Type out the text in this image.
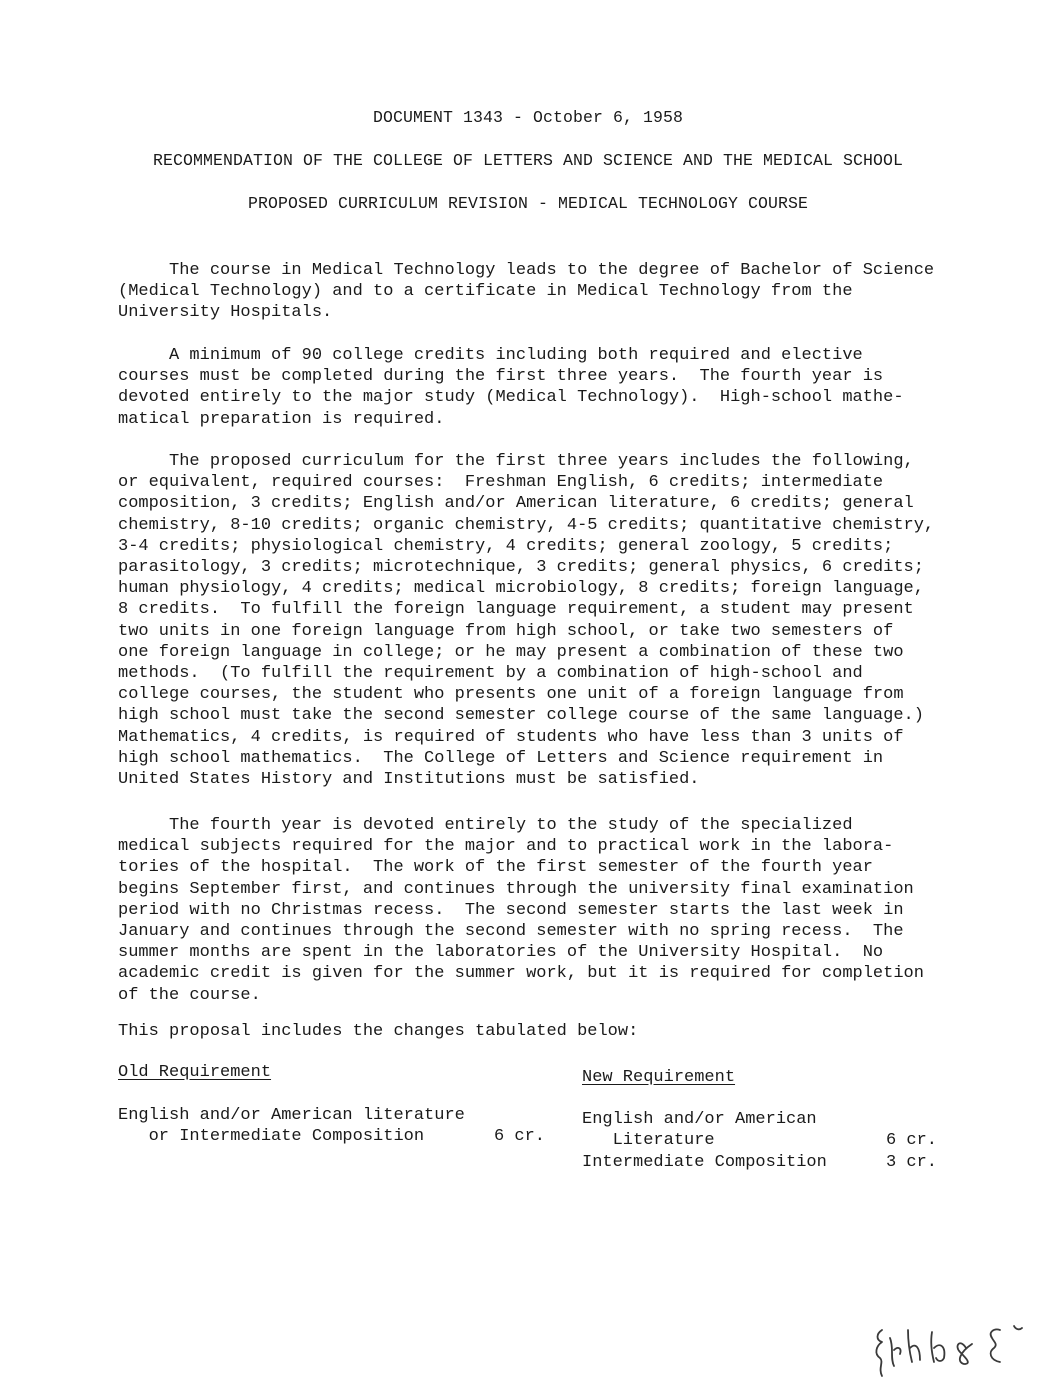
DOCUMENT 1343 - October 6, 1958
RECOMMENDATION OF THE COLLEGE OF LETTERS AND SCIENCE AND THE MEDICAL SCHOOL
PROPOSED CURRICULUM REVISION - MEDICAL TECHNOLOGY COURSE
The course in Medical Technology leads to the degree of Bachelor of Science
(Medical Technology) and to a certificate in Medical Technology from the
University Hospitals.
A minimum of 90 college credits including both required and elective
courses must be completed during the first three years.  The fourth year is
devoted entirely to the major study (Medical Technology).  High-school mathe-
matical preparation is required.
The proposed curriculum for the first three years includes the following,
or equivalent, required courses:  Freshman English, 6 credits; intermediate
composition, 3 credits; English and/or American literature, 6 credits; general
chemistry, 8-10 credits; organic chemistry, 4-5 credits; quantitative chemistry,
3-4 credits; physiological chemistry, 4 credits; general zoology, 5 credits;
parasitology, 3 credits; microtechnique, 3 credits; general physics, 6 credits;
human physiology, 4 credits; medical microbiology, 8 credits; foreign language,
8 credits.  To fulfill the foreign language requirement, a student may present
two units in one foreign language from high school, or take two semesters of
one foreign language in college; or he may present a combination of these two
methods.  (To fulfill the requirement by a combination of high-school and
college courses, the student who presents one unit of a foreign language from
high school must take the second semester college course of the same language.)
Mathematics, 4 credits, is required of students who have less than 3 units of
high school mathematics.  The College of Letters and Science requirement in
United States History and Institutions must be satisfied.
The fourth year is devoted entirely to the study of the specialized
medical subjects required for the major and to practical work in the labora-
tories of the hospital.  The work of the first semester of the fourth year
begins September first, and continues through the university final examination
period with no Christmas recess.  The second semester starts the last week in
January and continues through the second semester with no spring recess.  The
summer months are spent in the laboratories of the University Hospital.  No
academic credit is given for the summer work, but it is required for completion
of the course.
This proposal includes the changes tabulated below:
Old Requirement	New Requirement
English and/or American literature
or Intermediate Composition	6 cr.
English and/or American
Literature	6 cr.
Intermediate Composition	3 cr.
